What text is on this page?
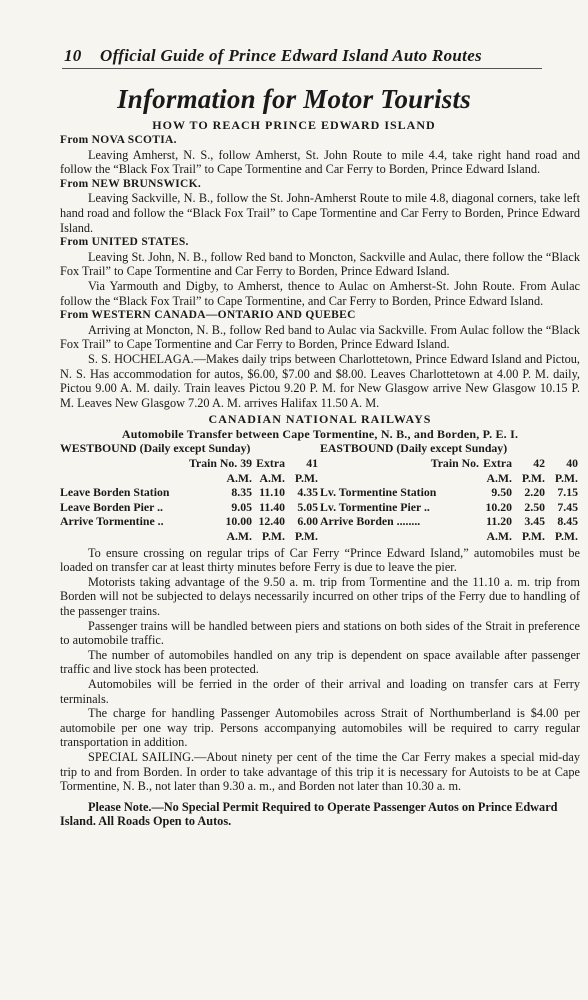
10 Official Guide of Prince Edward Island Auto Routes
Information for Motor Tourists
HOW TO REACH PRINCE EDWARD ISLAND
From NOVA SCOTIA.
Leaving Amherst, N. S., follow Amherst, St. John Route to mile 4.4, take right hand road and follow the “Black Fox Trail” to Cape Tormentine and Car Ferry to Borden, Prince Edward Island.
From NEW BRUNSWICK.
Leaving Sackville, N. B., follow the St. John-Amherst Route to mile 4.8, diagonal corners, take left hand road and follow the “Black Fox Trail” to Cape Tormentine and Car Ferry to Borden, Prince Edward Island.
From UNITED STATES.
Leaving St. John, N. B., follow Red band to Moncton, Sackville and Aulac, there follow the “Black Fox Trail” to Cape Tormentine and Car Ferry to Borden, Prince Edward Island.
Via Yarmouth and Digby, to Amherst, thence to Aulac on Amherst-St. John Route. From Aulac follow the “Black Fox Trail” to Cape Tormentine, and Car Ferry to Borden, Prince Edward Island.
From WESTERN CANADA—ONTARIO AND QUEBEC
Arriving at Moncton, N. B., follow Red band to Aulac via Sackville. From Aulac follow the “Black Fox Trail” to Cape Tormentine and Car Ferry to Borden, Prince Edward Island.
S. S. HOCHELAGA.—Makes daily trips between Charlottetown, Prince Edward Island and Pictou, N. S. Has accommodation for autos, $6.00, $7.00 and $8.00. Leaves Charlottetown at 4.00 P. M. daily, Pictou 9.00 A. M. daily. Train leaves Pictou 9.20 P. M. for New Glasgow arrive New Glasgow 10.15 P. M. Leaves New Glasgow 7.20 A. M. arrives Halifax 11.50 A. M.
CANADIAN NATIONAL RAILWAYS
Automobile Transfer between Cape Tormentine, N. B., and Borden, P. E. I.
WESTBOUND (Daily except Sunday)
Train No. 39	Extra	41
	A.M.	A.M.	P.M.
Leave Borden Station	8.35	11.10	4.35
Leave Borden Pier ..	9.05	11.40	5.05
Arrive Tormentine ..	10.00	12.40	6.00
	A.M.	P.M.	P.M.
EASTBOUND (Daily except Sunday)
Train No.	Extra	42	40
	A.M.	P.M.	P.M.
Lv. Tormentine Station	9.50	2.20	7.15
Lv. Tormentine Pier ..	10.20	2.50	7.45
Arrive Borden ........	11.20	3.45	8.45
	A.M.	P.M.	P.M.
To ensure crossing on regular trips of Car Ferry “Prince Edward Island,” automobiles must be loaded on transfer car at least thirty minutes before Ferry is due to leave the pier.
Motorists taking advantage of the 9.50 a. m. trip from Tormentine and the 11.10 a. m. trip from Borden will not be subjected to delays necessarily incurred on other trips of the Ferry due to handling of the passenger trains.
Passenger trains will be handled between piers and stations on both sides of the Strait in preference to automobile traffic.
The number of automobiles handled on any trip is dependent on space available after passenger traffic and live stock has been protected.
Automobiles will be ferried in the order of their arrival and loading on transfer cars at Ferry terminals.
The charge for handling Passenger Automobiles across Strait of Northumberland is $4.00 per automobile per one way trip. Persons accompanying automobiles will be required to carry regular transportation in addition.
SPECIAL SAILING.—About ninety per cent of the time the Car Ferry makes a special mid-day trip to and from Borden. In order to take advantage of this trip it is necessary for Autoists to be at Cape Tormentine, N. B., not later than 9.30 a. m., and Borden not later than 10.30 a. m.
Please Note.—No Special Permit Required to Operate Passenger Autos on Prince Edward Island. All Roads Open to Autos.
